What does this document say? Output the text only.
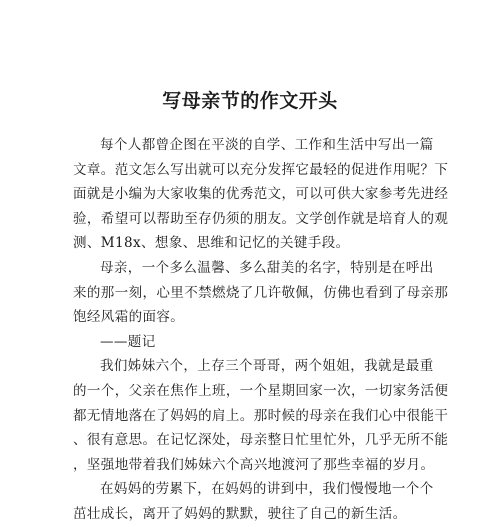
写母亲节的作文开头
每个人都曾企图在平淡的自学、工作和生活中写出一篇
文章。范文怎么写出就可以充分发挥它最轻的促进作用呢？下
面就是小编为大家收集的优秀范文，可以可供大家参考先进经
验，希望可以帮助至存仍须的朋友。文学创作就是培育人的观
测、M18x、想象、思维和记忆的关键手段。
母亲，一个多么温馨、多么甜美的名字，特别是在呼出
来的那一刻，心里不禁燃烧了几许敬佩，仿佛也看到了母亲那
饱经风霜的面容。
——题记
我们姊妹六个，上存三个哥哥，两个姐姐，我就是最重
的一个，父亲在焦作上班，一个星期回家一次，一切家务活便
都无情地落在了妈妈的肩上。那时候的母亲在我们心中很能干
、很有意思。在记忆深处，母亲整日忙里忙外，几乎无所不能
，坚强地带着我们姊妹六个高兴地渡河了那些幸福的岁月。
在妈妈的劳累下，在妈妈的讲到中，我们慢慢地一个个
茁壮成长，离开了妈妈的默默，驶往了自己的新生活。
